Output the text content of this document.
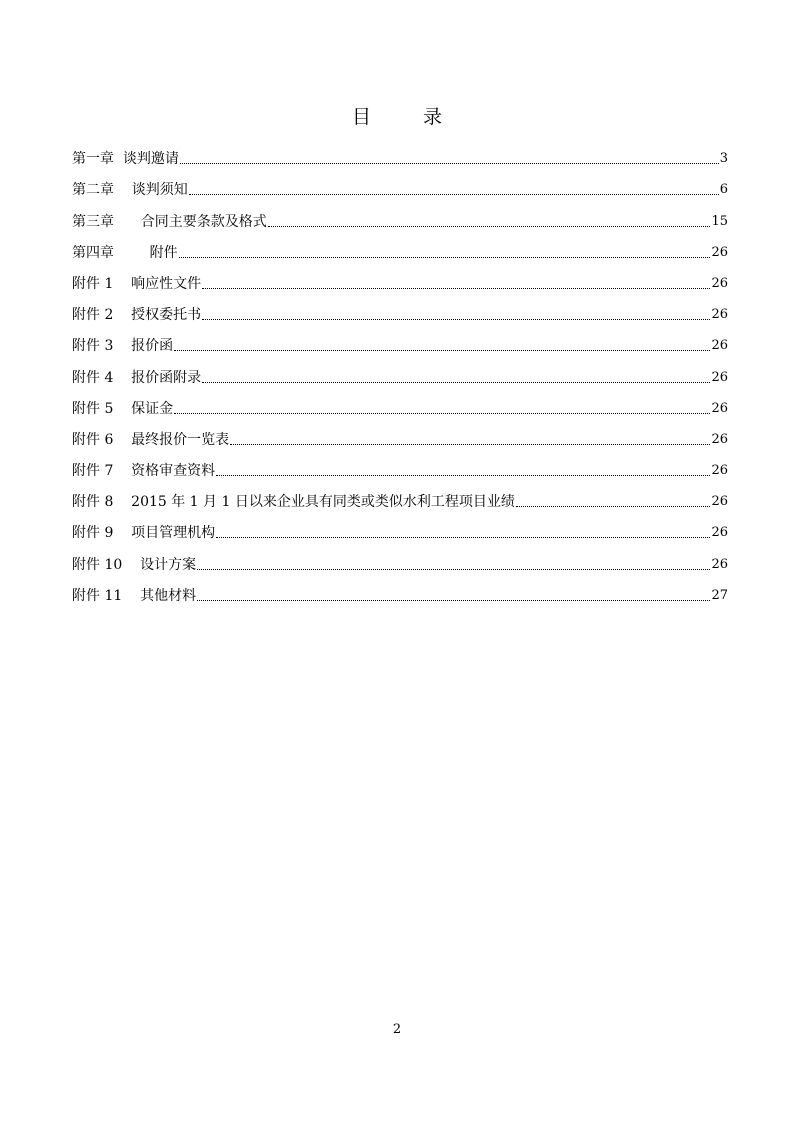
目	录
第一章  谈判邀请	3
第二章    谈判须知	6
第三章      合同主要条款及格式	15
第四章        附件	26
附件 1    响应性文件	26
附件 2    授权委托书	26
附件 3    报价函	26
附件 4    报价函附录	26
附件 5    保证金	26
附件 6    最终报价一览表	26
附件 7    资格审查资料	26
附件 8    2015 年 1 月 1 日以来企业具有同类或类似水利工程项目业绩	26
附件 9    项目管理机构	26
附件 10    设计方案	26
附件 11    其他材料	27
2
